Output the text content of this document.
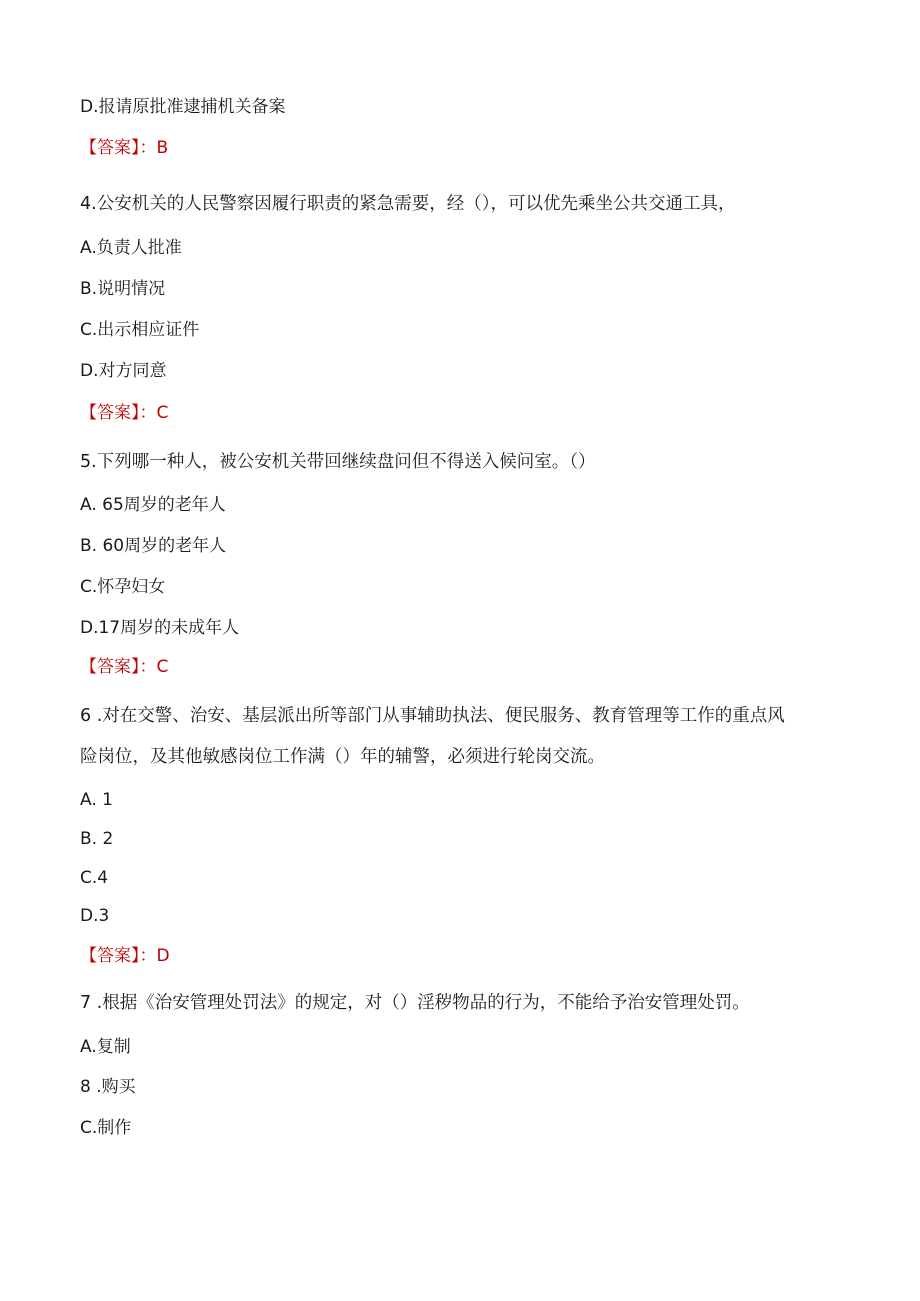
D.报请原批准逮捕机关备案
【答案】：B
4.公安机关的人民警察因履行职责的紧急需要，经（），可以优先乘坐公共交通工具，
A.负责人批准
B.说明情况
C.出示相应证件
D.对方同意
【答案】：C
5.下列哪一种人，被公安机关带回继续盘问但不得送入候问室。（）
A. 65周岁的老年人
B. 60周岁的老年人
C.怀孕妇女
D.17周岁的未成年人
【答案】：C
6 .对在交警、治安、基层派出所等部门从事辅助执法、便民服务、教育管理等工作的重点风
险岗位，及其他敏感岗位工作满（）年的辅警，必须进行轮岗交流。
A. 1
B. 2
C.4
D.3
【答案】：D
7 .根据《治安管理处罚法》的规定，对（）淫秽物品的行为，不能给予治安管理处罚。
A.复制
8 .购买
C.制作
